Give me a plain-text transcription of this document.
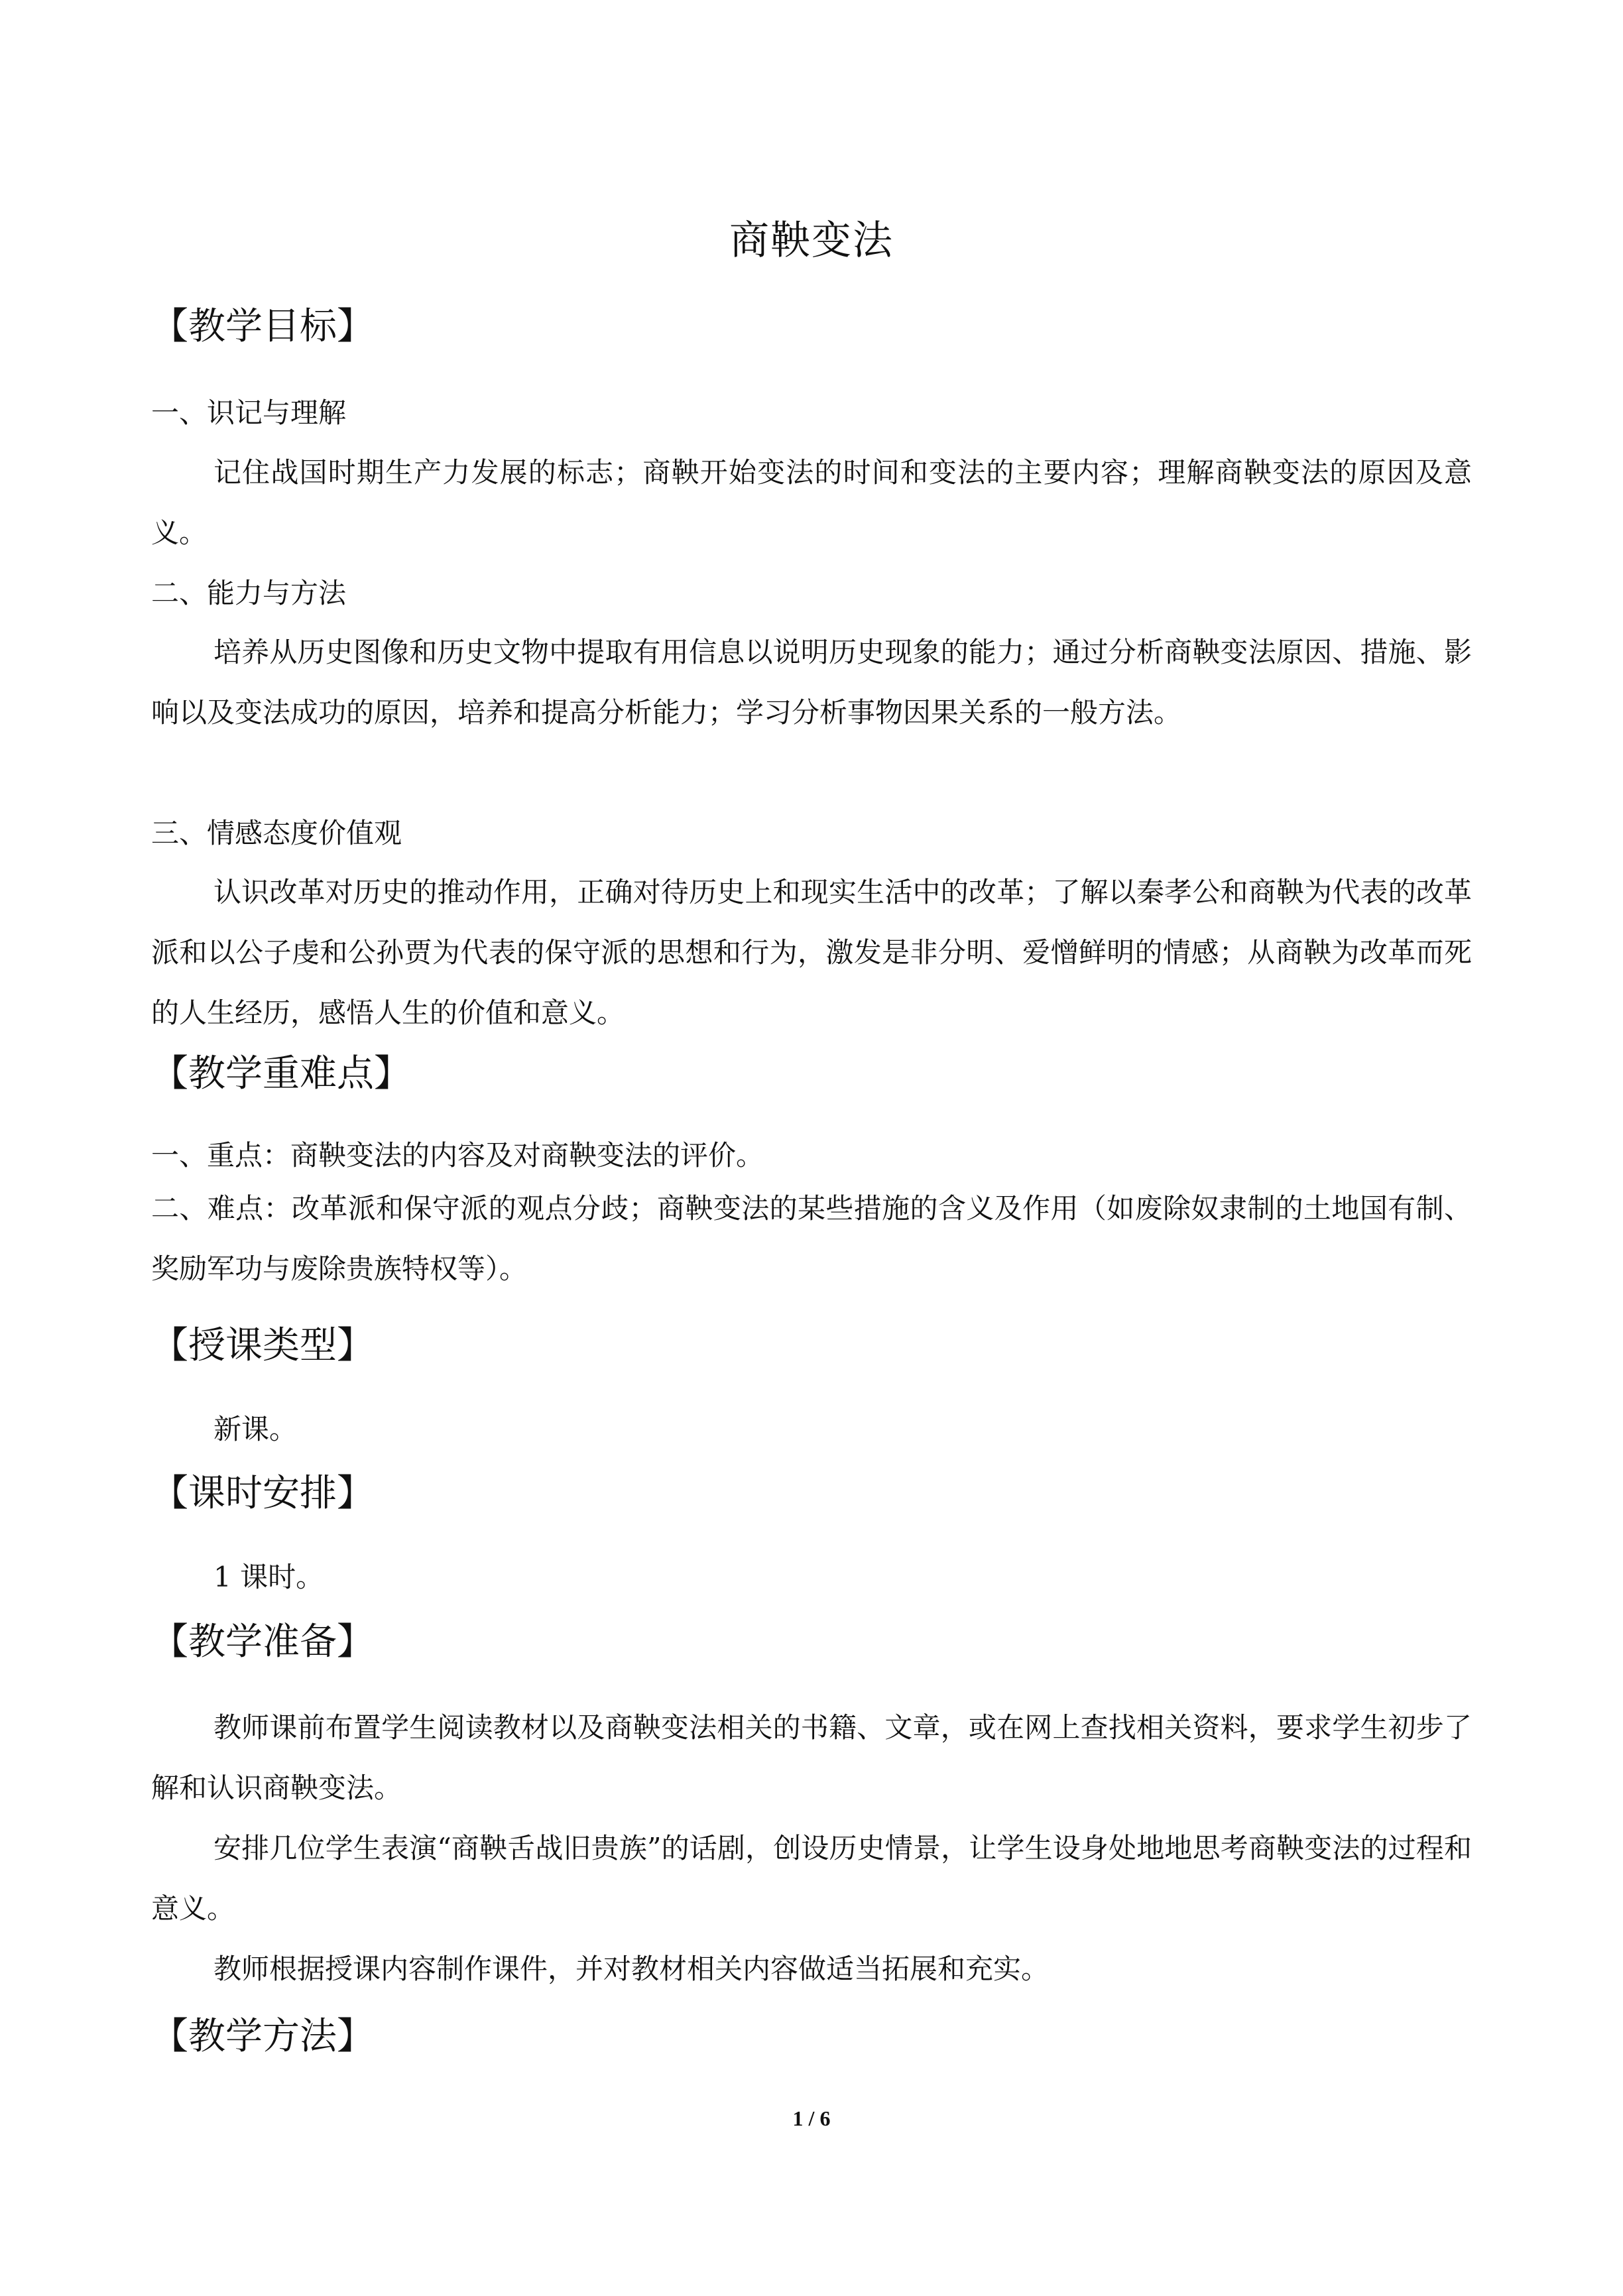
商鞅变法
【教学目标】
一、识记与理解
记住战国时期生产力发展的标志；商鞅开始变法的时间和变法的主要内容；理解商鞅变法的原因及意义。
二、能力与方法
培养从历史图像和历史文物中提取有用信息以说明历史现象的能力；通过分析商鞅变法原因、措施、影响以及变法成功的原因，培养和提高分析能力；学习分析事物因果关系的一般方法。
三、情感态度价值观
认识改革对历史的推动作用，正确对待历史上和现实生活中的改革；了解以秦孝公和商鞅为代表的改革派和以公子虔和公孙贾为代表的保守派的思想和行为，激发是非分明、爱憎鲜明的情感；从商鞅为改革而死的人生经历，感悟人生的价值和意义。
【教学重难点】
一、重点：商鞅变法的内容及对商鞅变法的评价。
二、难点：改革派和保守派的观点分歧；商鞅变法的某些措施的含义及作用（如废除奴隶制的土地国有制、奖励军功与废除贵族特权等）。
【授课类型】
新课。
【课时安排】
1 课时。
【教学准备】
教师课前布置学生阅读教材以及商鞅变法相关的书籍、文章，或在网上查找相关资料，要求学生初步了解和认识商鞅变法。
安排几位学生表演“商鞅舌战旧贵族”的话剧，创设历史情景，让学生设身处地地思考商鞅变法的过程和意义。
教师根据授课内容制作课件，并对教材相关内容做适当拓展和充实。
【教学方法】
1 / 6
